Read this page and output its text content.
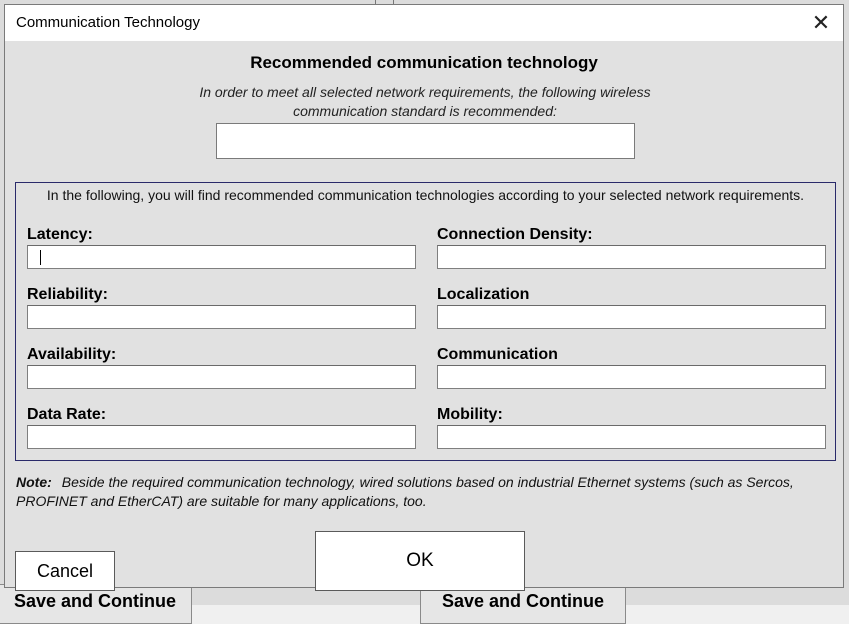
Save and Continue	Save and Continue
Communication Technology	✕
Recommended communication technology
In order to meet all selected network requirements, the following wireless communication standard is recommended:
In the following, you will find recommended communication technologies according to your selected network requirements.
Latency:
Reliability:
Availability:
Data Rate:
Connection Density:
Localization
Communication
Mobility:
Note: Beside the required communication technology, wired solutions based on industrial Ethernet systems (such as Sercos, PROFINET and EtherCAT) are suitable for many applications, too.
OK
Cancel
